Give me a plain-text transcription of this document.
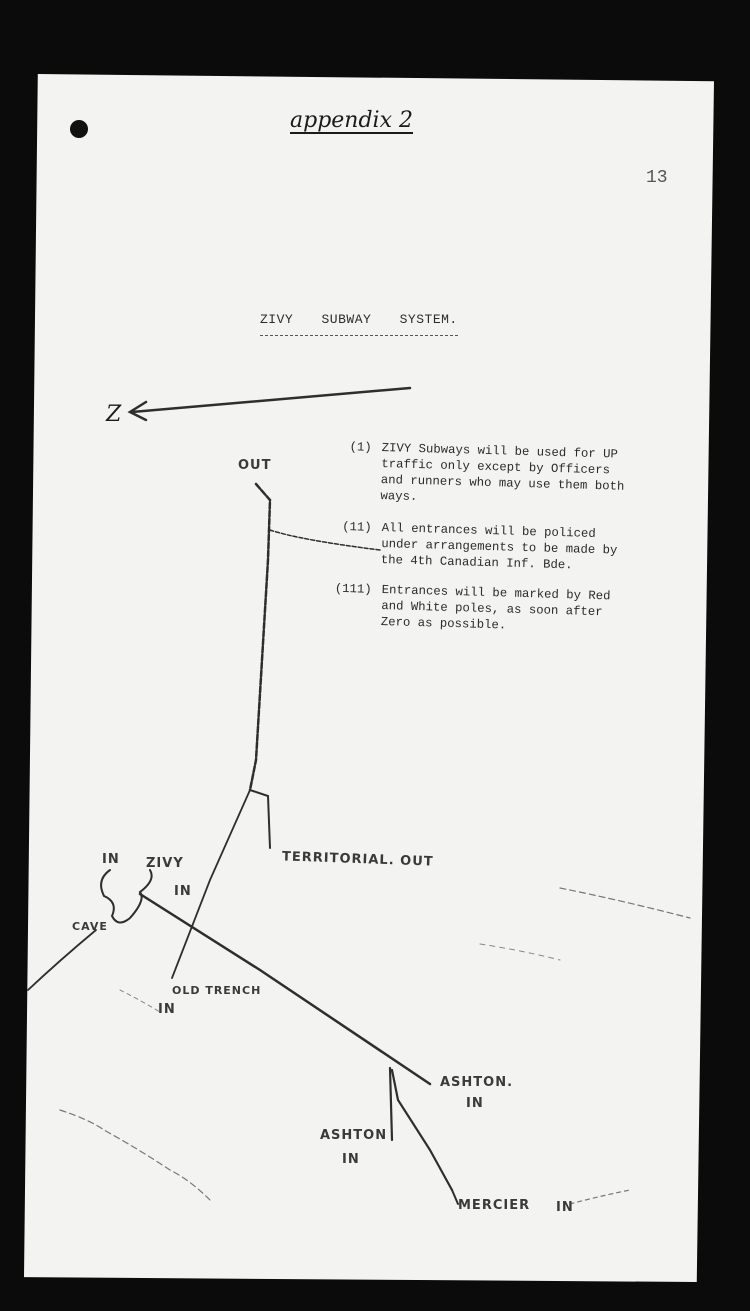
appendix 2
13
ZIVY SUBWAY SYSTEM.
(1) ZIVY Subways will be used for UP traffic only except by Officers and runners who may use them both ways.
(11) All entrances will be policed under arrangements to be made by the 4th Canadian Inf. Bde.
(111) Entrances will be marked by Red and White poles, as soon after Zero as possible.
Z
OUT
TERRITORIAL. OUT
IN ZIVY
IN
CAVE
OLD TRENCH
IN
ASHTON.
IN
ASHTON
IN
MERCIER IN
